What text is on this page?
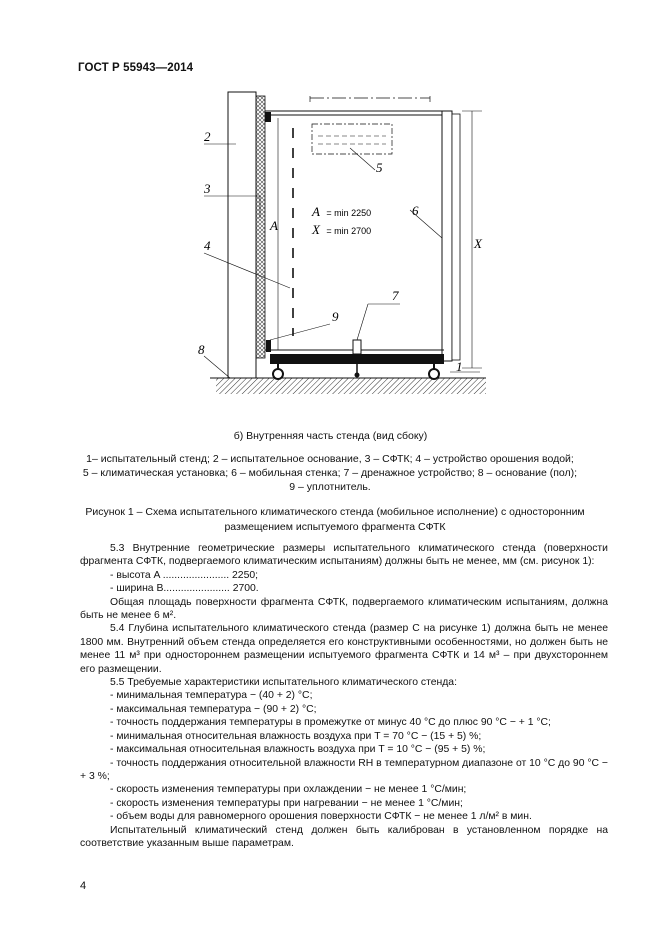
ГОСТ Р 55943—2014
2
3
4
8
5
6
7
9
1
A
X
A = min 2250
X = min 2700
б) Внутренняя часть стенда (вид сбоку)
1– испытательный стенд; 2 – испытательное основание, 3 – СФТК; 4 – устройство орошения водой;
5 – климатическая установка; 6 – мобильная стенка; 7 – дренажное устройство; 8 – основание (пол);
9 – уплотнитель.
Рисунок 1 – Схема испытательного климатического стенда (мобильное исполнение) с односторонним
размещением испытуемого фрагмента СФТК

5.3 Внутренние геометрические размеры испытательного климатического стенда (поверхности фрагмента СФТК, подвергаемого климатическим испытаниям) должны быть не менее, мм (см. рисунок 1):

- высота A ....................... 2250;

- ширина B....................... 2700.

Общая площадь поверхности фрагмента СФТК, подвергаемого климатическим испытаниям, должна быть не менее 6 м².

5.4 Глубина испытательного климатического стенда (размер C на рисунке 1) должна быть не менее 1800 мм. Внутренний объем стенда определяется его конструктивными особенностями, но должен быть не менее 11 м³ при одностороннем размещении испытуемого фрагмента СФТК и 14 м³ – при двухстороннем его размещении.

5.5 Требуемые характеристики испытательного климатического стенда:

- минимальная температура − (40 + 2) °С;

- максимальная температура − (90 + 2) °С;

- точность поддержания температуры в промежутке от минус 40 °С до плюс 90 °С − + 1 °С;

- минимальная относительная влажность воздуха при T = 70 °С − (15 + 5) %;

- максимальная относительная влажность воздуха при T = 10 °С − (95 + 5) %;

- точность поддержания относительной влажности RH в температурном диапазоне от 10 °С до 90 °С − + 3 %;

- скорость изменения температуры при охлаждении − не менее 1 °С/мин;

- скорость изменения температуры при нагревании − не менее 1 °С/мин;

- объем воды для равномерного орошения поверхности СФТК − не менее 1 л/м² в мин.

Испытательный климатический стенд должен быть калиброван в установленном порядке на соответствие указанным выше параметрам.

4
